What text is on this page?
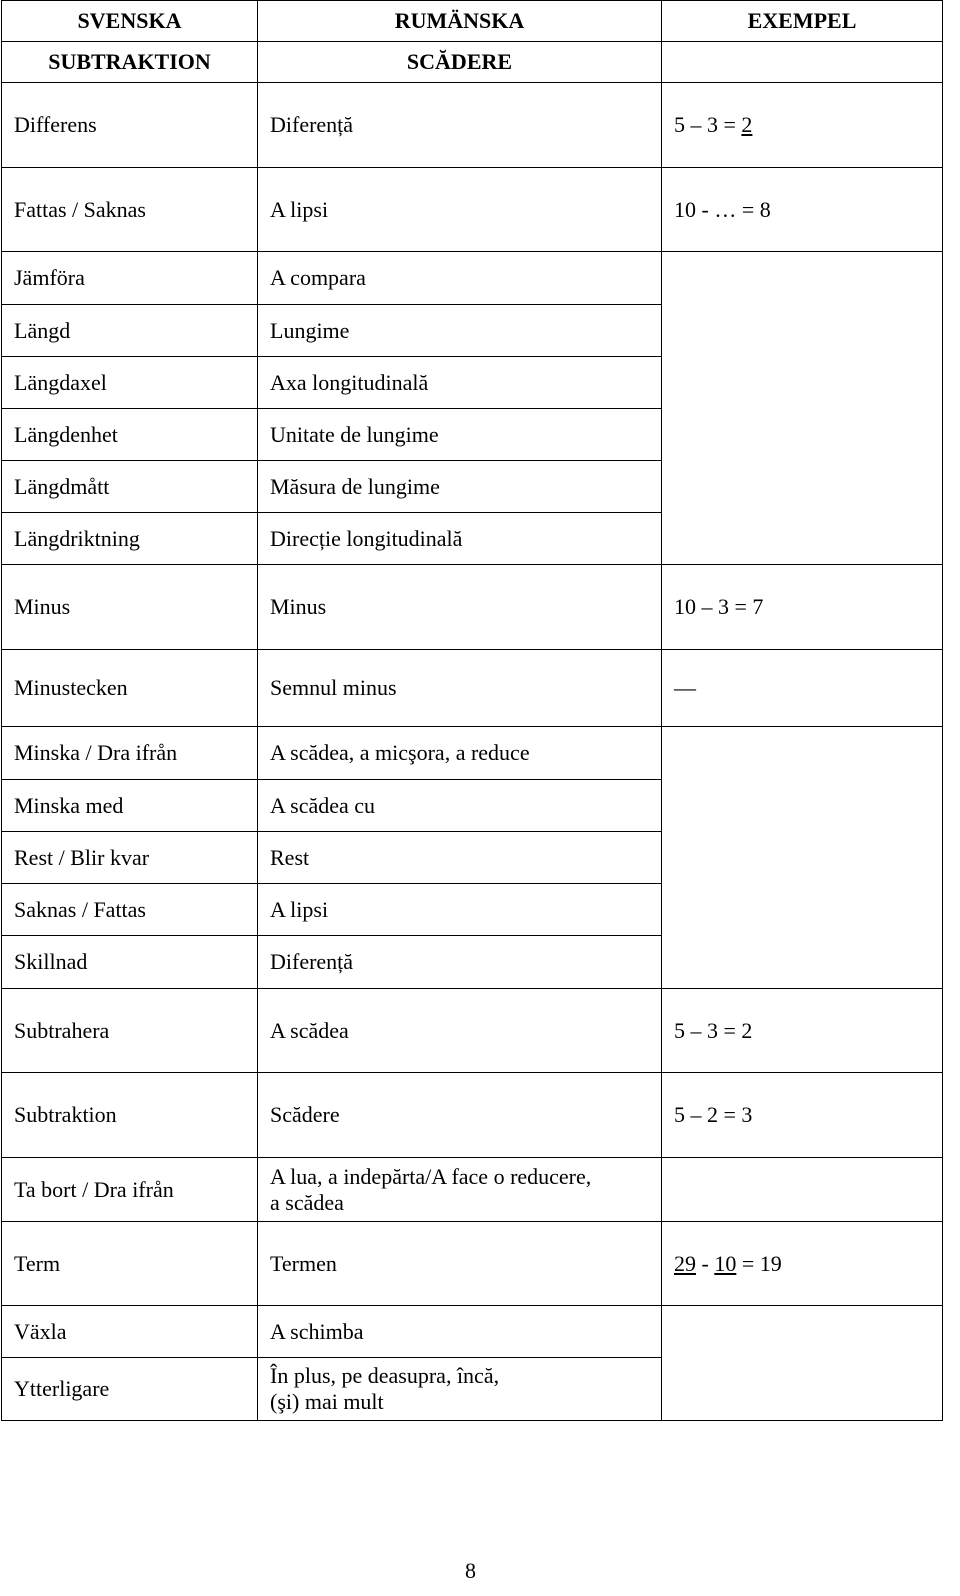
SVENSKA	RUMÄNSKA	EXEMPEL
SUBTRAKTION	SCĂDERE	
Differens	Diferență	5 – 3 = 2
Fattas / Saknas	A lipsi	10 - … = 8
Jämföra	A compara	
Längd	Lungime	
Längdaxel	Axa longitudinală	
Längdenhet	Unitate de lungime	
Längdmått	Măsura de lungime	
Längdriktning	Direcție longitudinală	
Minus	Minus	10 – 3 = 7
Minustecken	Semnul minus	—
Minska / Dra ifrån	A scădea, a micşora, a reduce	
Minska med	A scădea cu	
Rest / Blir kvar	Rest	
Saknas / Fattas	A lipsi	
Skillnad	Diferență	
Subtrahera	A scădea	5 – 3 = 2
Subtraktion	Scădere	5 – 2 = 3
Ta bort / Dra ifrån	A lua, a indepărta/A face o reducere,
a scădea	

Term	Termen	29 - 10 = 19
Växla	A schimba	
Ytterligare	În plus, pe deasupra, încă,
(şi) mai mult	
8
